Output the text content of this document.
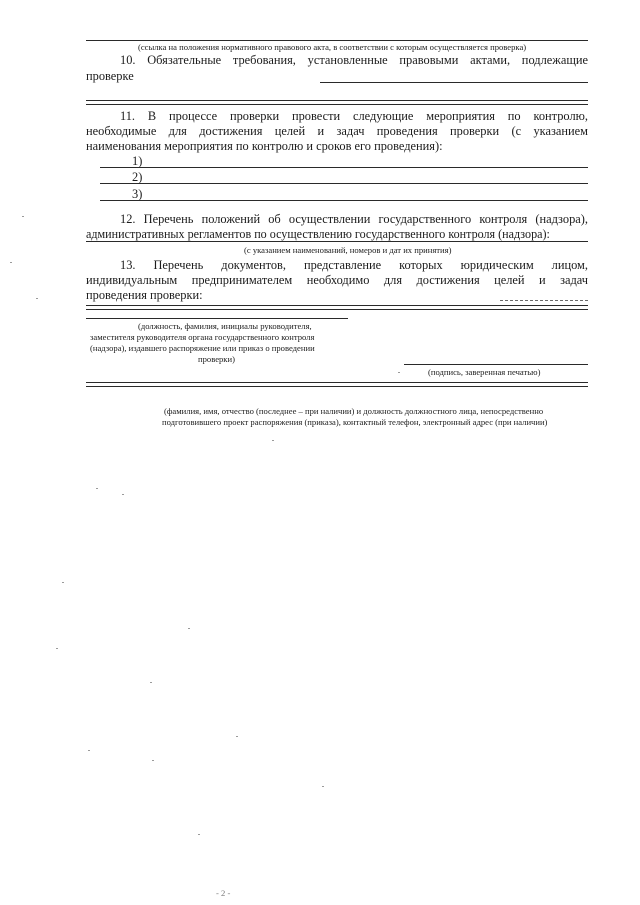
(ссылка на положения нормативного правового акта, в соответствии с которым осуществляется проверка)
10. Обязательные требования, установленные правовыми актами, подлежащие
проверке
11. В процессе проверки провести следующие мероприятия по контролю,
необходимые для достижения целей и задач проведения проверки (с указанием
наименования мероприятия по контролю и сроков его проведения):
1)
2)
3)
12. Перечень положений об осуществлении государственного контроля (надзора),
административных регламентов по осуществлению государственного контроля (надзора):
(с указанием наименований, номеров и дат их принятия)
13. Перечень документов, представление которых юридическим лицом,
индивидуальным предпринимателем необходимо для достижения целей и задач
проведения проверки:
(должность, фамилия, инициалы руководителя,
заместителя руководителя органа государственного контроля
(надзора), издавшего распоряжение или приказ о проведении
проверки)
(подпись, заверенная печатью)
(фамилия, имя, отчество (последнее – при наличии) и должность должностного лица, непосредственно
подготовившего проект распоряжения (приказа), контактный телефон, электронный адрес (при наличии)
- 2 -
